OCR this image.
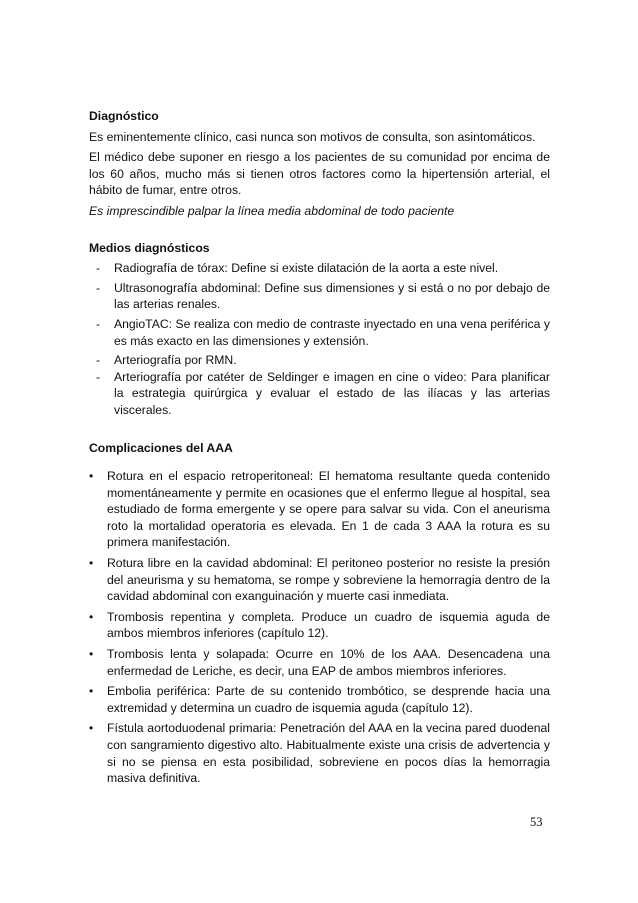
Diagnóstico
Es eminentemente clínico, casi nunca son motivos de consulta, son asintomáticos.
El médico debe suponer en riesgo a los pacientes de su comunidad por encima de los 60 años, mucho más si tienen otros factores como la hipertensión arterial, el hábito de fumar, entre otros.
Es imprescindible palpar la línea media abdominal de todo paciente
Medios diagnósticos
- Radiografía de tórax: Define si existe dilatación de la aorta a este nivel.
- Ultrasonografía abdominal: Define sus dimensiones y si está o no por debajo de las arterias renales.
- AngioTAC: Se realiza con medio de contraste inyectado en una vena periférica y es más exacto en las dimensiones y extensión.
- Arteriografía por RMN.
- Arteriografía por catéter de Seldinger e imagen en cine o video: Para planificar la estrategia quirúrgica y evaluar el estado de las ilíacas y las arterias viscerales.
Complicaciones del AAA
• Rotura en el espacio retroperitoneal: El hematoma resultante queda contenido momentáneamente y permite en ocasiones que el enfermo llegue al hospital, sea estudiado de forma emergente y se opere para salvar su vida. Con el aneurisma roto la mortalidad operatoria es elevada. En 1 de cada 3 AAA la rotura es su primera manifestación.
• Rotura libre en la cavidad abdominal: El peritoneo posterior no resiste la presión del aneurisma y su hematoma, se rompe y sobreviene la hemorragia dentro de la cavidad abdominal con exanguinación y muerte casi inmediata.
• Trombosis repentina y completa. Produce un cuadro de isquemia aguda de ambos miembros inferiores (capítulo 12).
• Trombosis lenta y solapada: Ocurre en 10% de los AAA. Desencadena una enfermedad de Leriche, es decir, una EAP de ambos miembros inferiores.
• Embolia periférica: Parte de su contenido trombótico, se desprende hacia una extremidad y determina un cuadro de isquemia aguda (capítulo 12).
• Fístula aortoduodenal primaria: Penetración del AAA en la vecina pared duodenal con sangramiento digestivo alto. Habitualmente existe una crisis de advertencia y si no se piensa en esta posibilidad, sobreviene en pocos días la hemorragia masiva definitiva.
53
